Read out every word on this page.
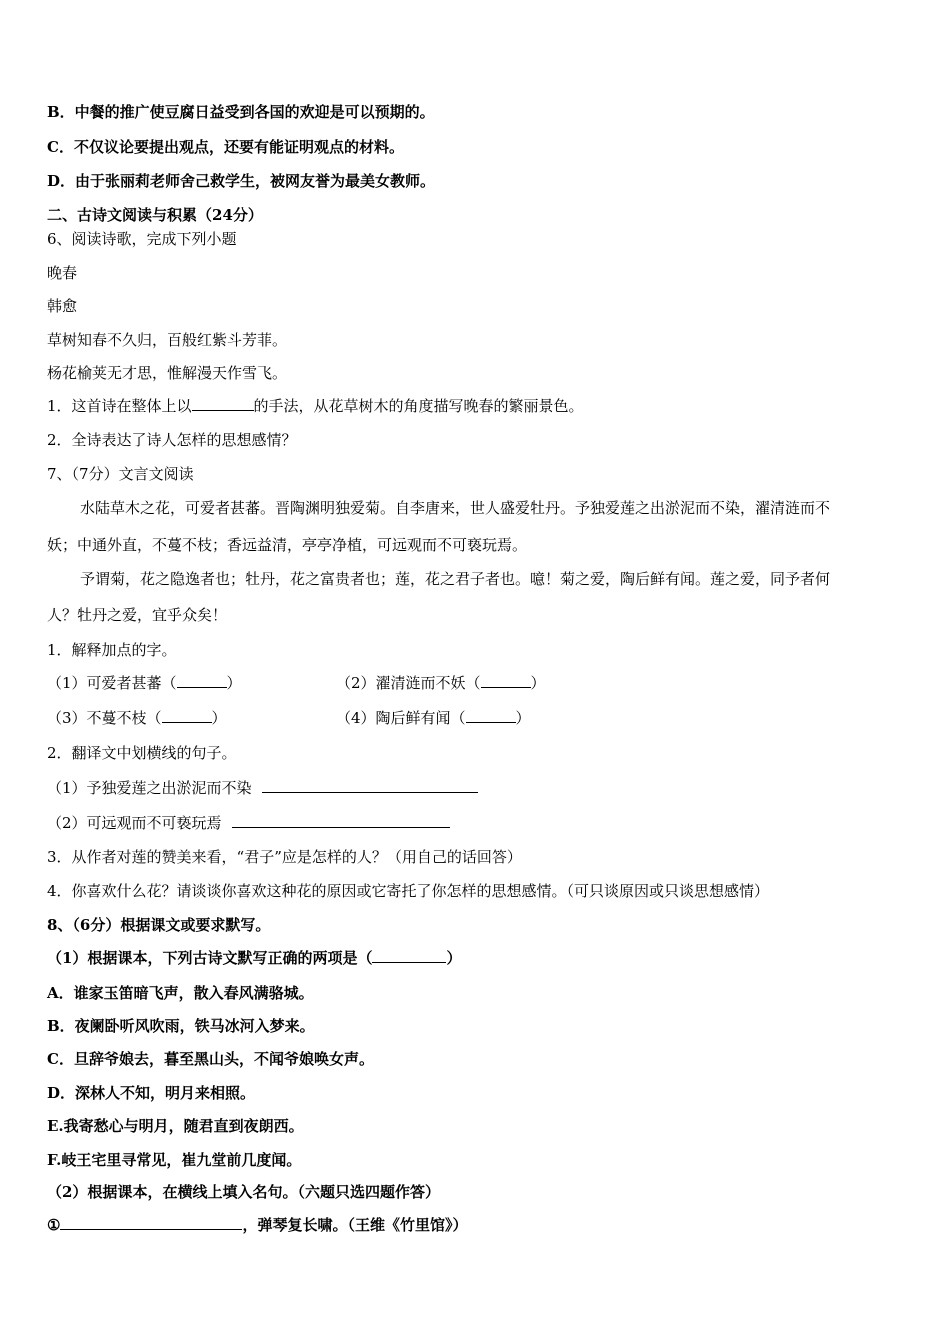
B．中餐的推广使豆腐日益受到各国的欢迎是可以预期的。
C．不仅议论要提出观点，还要有能证明观点的材料。
D．由于张丽莉老师舍己救学生，被网友誉为最美女教师。
二、古诗文阅读与积累（24分）
6、阅读诗歌，完成下列小题
晚春
韩愈
草树知春不久归，百般红紫斗芳菲。
杨花榆荚无才思，惟解漫天作雪飞。
1．这首诗在整体上以	的手法，从花草树木的角度描写晚春的繁丽景色。
2．全诗表达了诗人怎样的思想感情？
7、（7分）文言文阅读
水陆草木之花，可爱者甚蕃。晋陶渊明独爱菊。自李唐来，世人盛爱牡丹。予独爱莲之出淤泥而不染，濯清涟而不
妖；中通外直，不蔓不枝；香远益清，亭亭净植，可远观而不可亵玩焉。
予谓菊，花之隐逸者也；牡丹，花之富贵者也；莲，花之君子者也。噫！菊之爱，陶后鲜有闻。莲之爱，同予者何
人？牡丹之爱，宜乎众矣！
1．解释加点的字。
（1）可爱者甚蕃（	）	（2）濯清涟而不妖（	）
（3）不蔓不枝（	）	（4）陶后鲜有闻（	）
2．翻译文中划横线的句子。
（1）予独爱莲之出淤泥而不染
（2）可远观而不可亵玩焉
3．从作者对莲的赞美来看，“君子”应是怎样的人？（用自己的话回答）
4．你喜欢什么花？请谈谈你喜欢这种花的原因或它寄托了你怎样的思想感情。（可只谈原因或只谈思想感情）
8、（6分）根据课文或要求默写。
（1）根据课本，下列古诗文默写正确的两项是（	）
A．谁家玉笛暗飞声，散入春风满骆城。
B．夜阑卧听风吹雨，铁马冰河入梦来。
C．旦辞爷娘去，暮至黑山头，不闻爷娘唤女声。
D．深林人不知，明月来相照。
E.我寄愁心与明月，随君直到夜朗西。
F.岐王宅里寻常见，崔九堂前几度闻。
（2）根据课本，在横线上填入名句。（六题只选四题作答）
①	，弹琴复长啸。（王维《竹里馆》）
